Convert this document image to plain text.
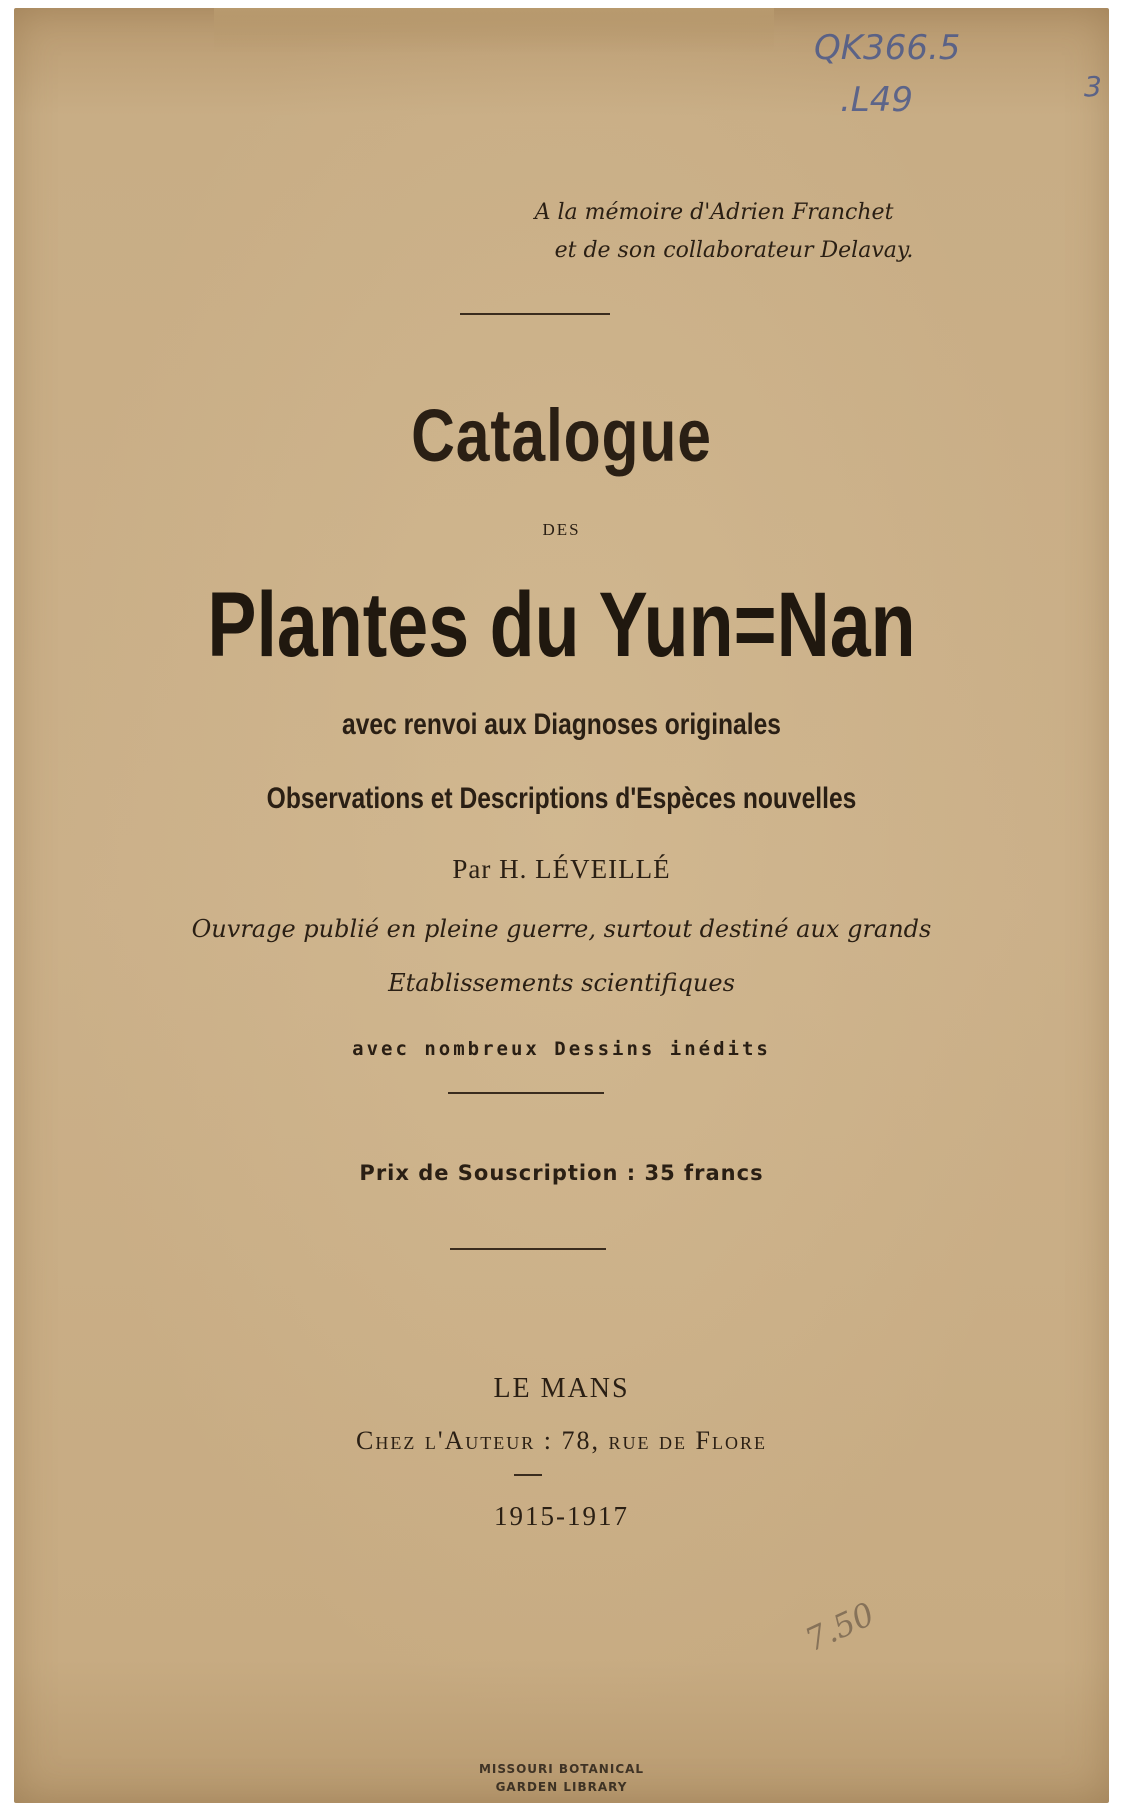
QK366.5
.L49	3
A la mémoire d'Adrien Franchet
et de son collaborateur Delavay.
Catalogue
DES
Plantes du Yun=Nan
avec renvoi aux Diagnoses originales
Observations et Descriptions d'Espèces nouvelles
Par H. LÉVEILLÉ
Ouvrage publié en pleine guerre, surtout destiné aux grands
Etablissements scientifiques
avec nombreux Dessins inédits
Prix de Souscription : 35 francs
LE MANS
Chez l'Auteur : 78, rue de Flore
1915-1917
7.50
MISSOURI BOTANICAL
GARDEN LIBRARY
